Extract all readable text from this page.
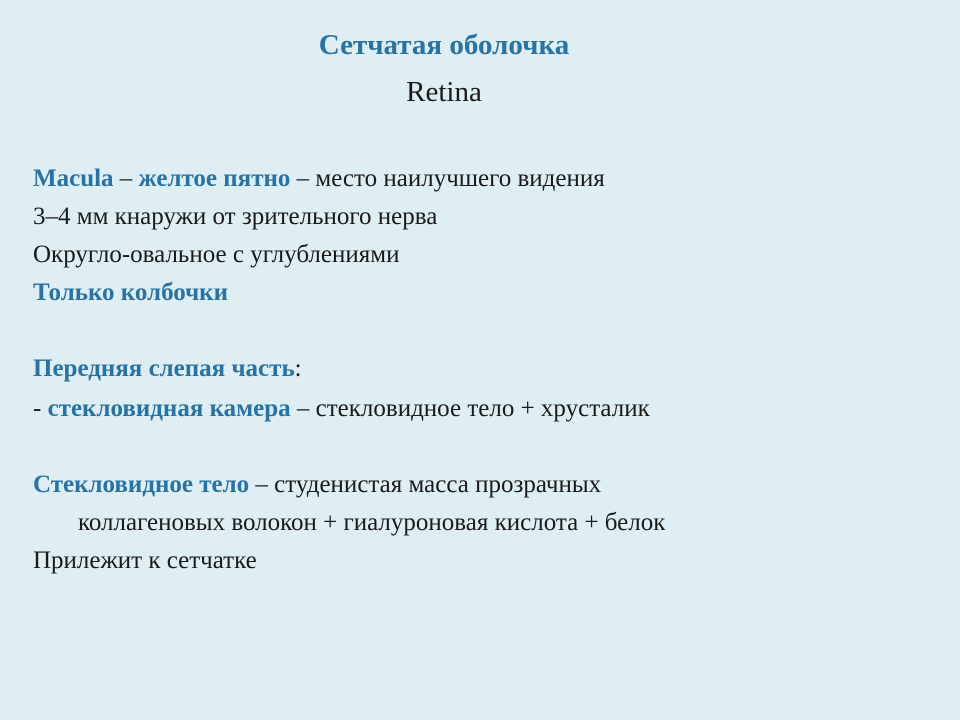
Сетчатая оболочка
Retina
Macula – желтое пятно – место наилучшего видения
3–4 мм кнаружи от зрительного нерва
Округло-овальное с углублениями
Только колбочки
Передняя слепая часть:
- стекловидная камера – стекловидное тело + хрусталик
Стекловидное тело – студенистая масса прозрачных
коллагеновых волокон + гиалуроновая кислота + белок
Прилежит к сетчатке
